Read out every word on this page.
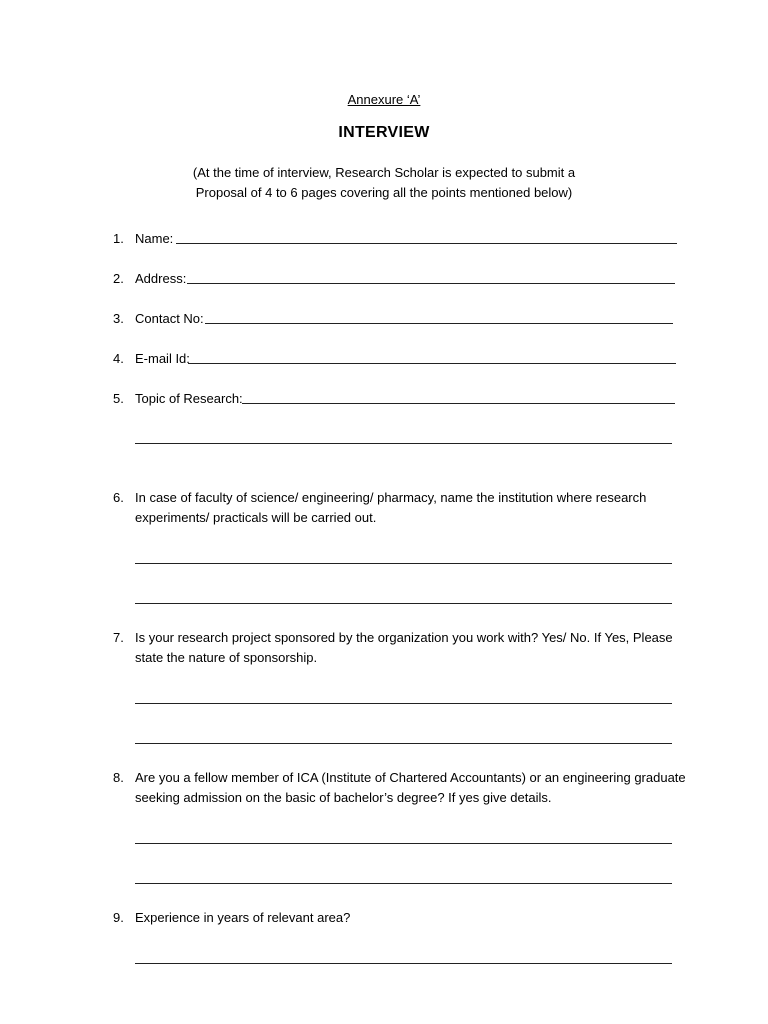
Annexure ‘A’
INTERVIEW
(At the time of interview, Research Scholar is expected to submit a
Proposal of 4 to 6 pages covering all the points mentioned below)
1. Name:
2. Address:
3. Contact No:
4. E-mail Id:
5. Topic of Research:
6. In case of faculty of science/ engineering/ pharmacy, name the institution where research
experiments/ practicals will be carried out.
7. Is your research project sponsored by the organization you work with? Yes/ No. If Yes, Please
state the nature of sponsorship.
8. Are you a fellow member of ICA (Institute of Chartered Accountants) or an engineering graduate
seeking admission on the basic of bachelor’s degree? If yes give details.
9. Experience in years of relevant area?
